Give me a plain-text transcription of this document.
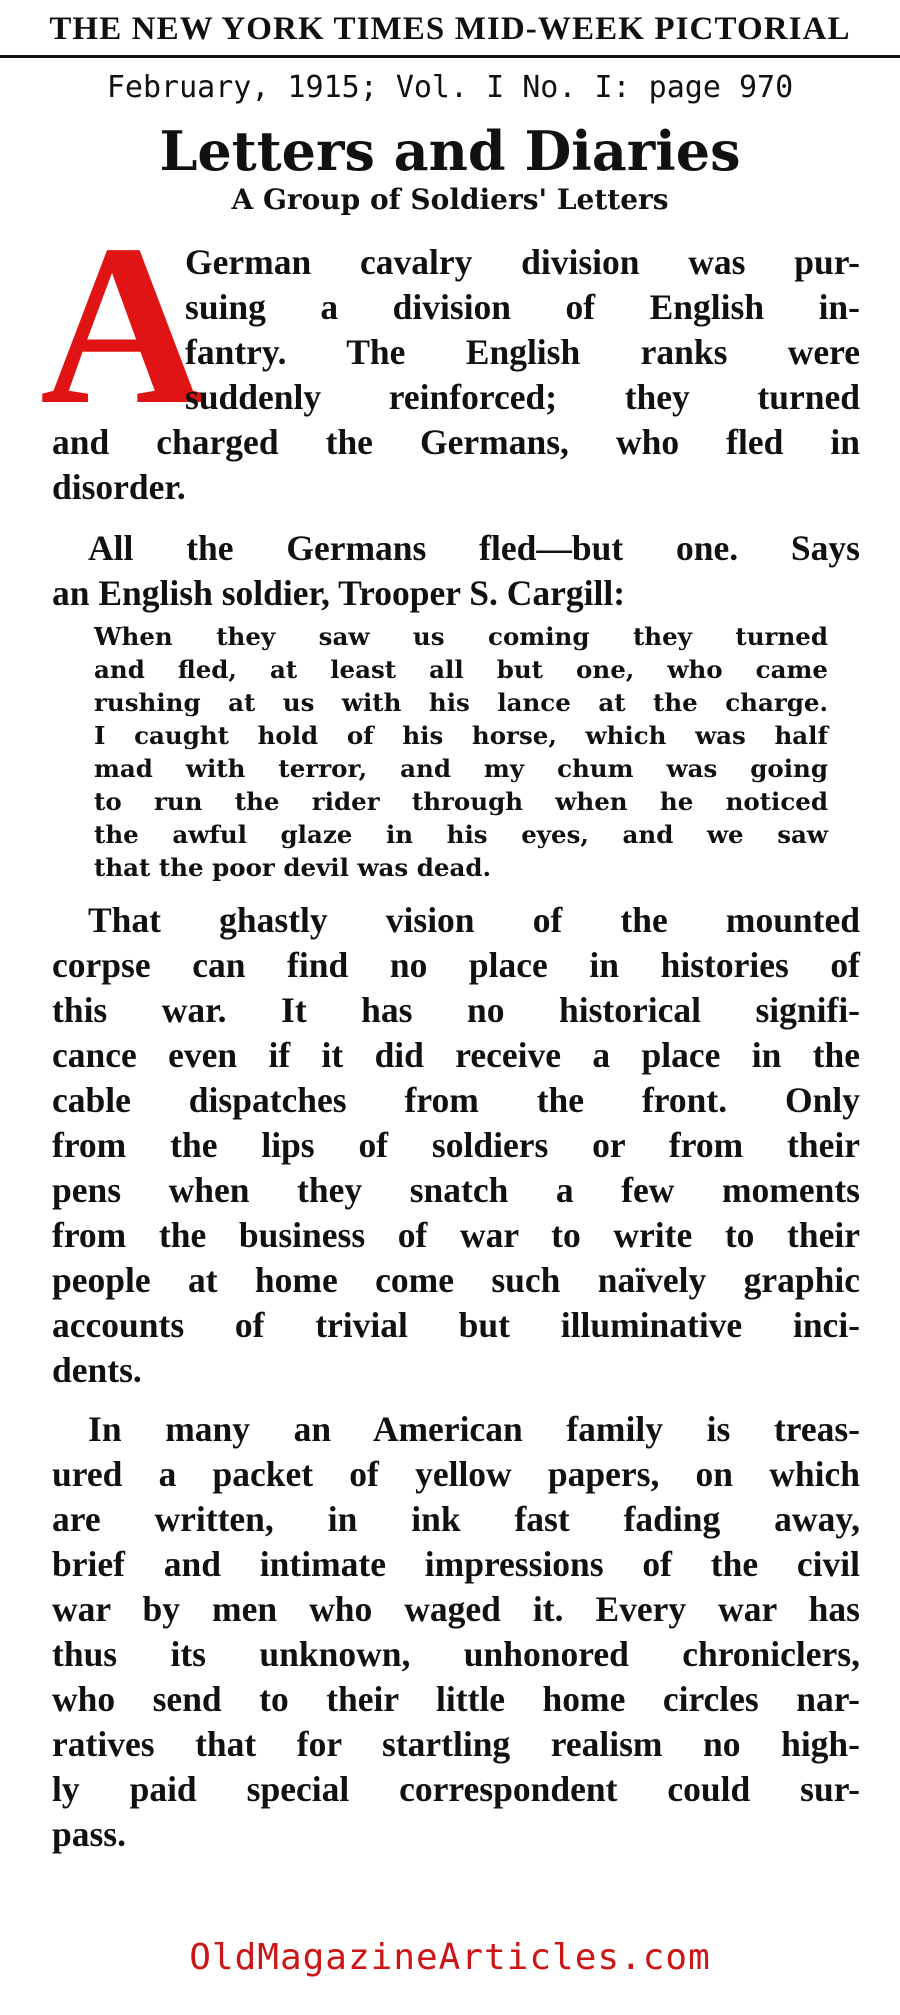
THE NEW YORK TIMES MID-WEEK PICTORIAL
February, 1915; Vol. I No. I: page 970
Letters and Diaries
A Group of Soldiers' Letters
A
German cavalry division was pur-
suing a division of English in-
fantry. The English ranks were
suddenly reinforced; they turned
and charged the Germans, who fled in
disorder.
All the Germans fled—but one. Says
an English soldier, Trooper S. Cargill:
When they saw us coming they turned
and fled, at least all but one, who came
rushing at us with his lance at the charge.
I caught hold of his horse, which was half
mad with terror, and my chum was going
to run the rider through when he noticed
the awful glaze in his eyes, and we saw
that the poor devil was dead.
That ghastly vision of the mounted
corpse can find no place in histories of
this war. It has no historical signifi-
cance even if it did receive a place in the
cable dispatches from the front. Only
from the lips of soldiers or from their
pens when they snatch a few moments
from the business of war to write to their
people at home come such naïvely graphic
accounts of trivial but illuminative inci-
dents.
In many an American family is treas-
ured a packet of yellow papers, on which
are written, in ink fast fading away,
brief and intimate impressions of the civil
war by men who waged it. Every war has
thus its unknown, unhonored chroniclers,
who send to their little home circles nar-
ratives that for startling realism no high-
ly paid special correspondent could sur-
pass.
OldMagazineArticles.com
